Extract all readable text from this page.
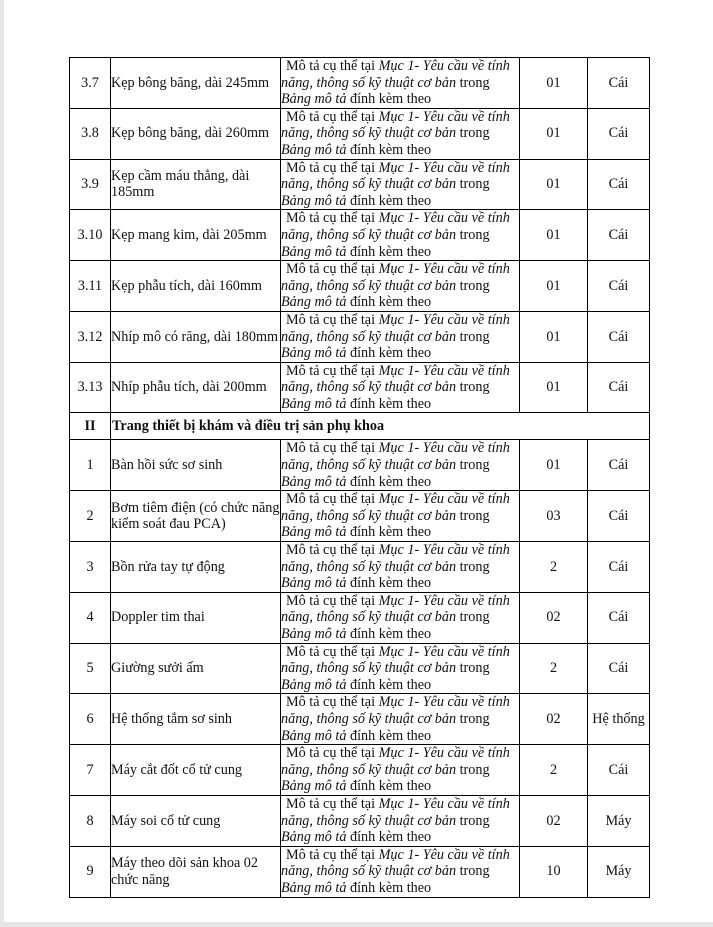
3.7	Kẹp bông băng, dài 245mm	Mô tả cụ thể tại Mục 1- Yêu cầu về tính
năng, thông số kỹ thuật cơ bản trong
Bảng mô tả đính kèm theo	01	Cái
3.8	Kẹp bông băng, dài 260mm	Mô tả cụ thể tại Mục 1- Yêu cầu về tính
năng, thông số kỹ thuật cơ bản trong
Bảng mô tả đính kèm theo	01	Cái
3.9	Kẹp cầm máu thẳng, dài 185mm	Mô tả cụ thể tại Mục 1- Yêu cầu về tính
năng, thông số kỹ thuật cơ bản trong
Bảng mô tả đính kèm theo	01	Cái
3.10	Kẹp mang kim, dài 205mm	Mô tả cụ thể tại Mục 1- Yêu cầu về tính
năng, thông số kỹ thuật cơ bản trong
Bảng mô tả đính kèm theo	01	Cái
3.11	Kẹp phẫu tích, dài 160mm	Mô tả cụ thể tại Mục 1- Yêu cầu về tính
năng, thông số kỹ thuật cơ bản trong
Bảng mô tả đính kèm theo	01	Cái
3.12	Nhíp mô có răng, dài 180mm	Mô tả cụ thể tại Mục 1- Yêu cầu về tính
năng, thông số kỹ thuật cơ bản trong
Bảng mô tả đính kèm theo	01	Cái
3.13	Nhíp phẫu tích, dài 200mm	Mô tả cụ thể tại Mục 1- Yêu cầu về tính
năng, thông số kỹ thuật cơ bản trong
Bảng mô tả đính kèm theo	01	Cái
II	Trang thiết bị khám và điều trị sản phụ khoa			
1	Bàn hồi sức sơ sinh	Mô tả cụ thể tại Mục 1- Yêu cầu về tính
năng, thông số kỹ thuật cơ bản trong
Bảng mô tả đính kèm theo	01	Cái
2	Bơm tiêm điện (có chức năng kiểm soát đau PCA)	Mô tả cụ thể tại Mục 1- Yêu cầu về tính
năng, thông số kỹ thuật cơ bản trong
Bảng mô tả đính kèm theo	03	Cái
3	Bồn rửa tay tự động	Mô tả cụ thể tại Mục 1- Yêu cầu về tính
năng, thông số kỹ thuật cơ bản trong
Bảng mô tả đính kèm theo	2	Cái
4	Doppler tim thai	Mô tả cụ thể tại Mục 1- Yêu cầu về tính
năng, thông số kỹ thuật cơ bản trong
Bảng mô tả đính kèm theo	02	Cái
5	Giường sưởi ấm	Mô tả cụ thể tại Mục 1- Yêu cầu về tính
năng, thông số kỹ thuật cơ bản trong
Bảng mô tả đính kèm theo	2	Cái
6	Hệ thống tắm sơ sinh	Mô tả cụ thể tại Mục 1- Yêu cầu về tính
năng, thông số kỹ thuật cơ bản trong
Bảng mô tả đính kèm theo	02	Hệ thống
7	Máy cắt đốt cổ tử cung	Mô tả cụ thể tại Mục 1- Yêu cầu về tính
năng, thông số kỹ thuật cơ bản trong
Bảng mô tả đính kèm theo	2	Cái
8	Máy soi cổ tử cung	Mô tả cụ thể tại Mục 1- Yêu cầu về tính
năng, thông số kỹ thuật cơ bản trong
Bảng mô tả đính kèm theo	02	Máy
9	Máy theo dõi sản khoa 02 chức năng	Mô tả cụ thể tại Mục 1- Yêu cầu về tính
năng, thông số kỹ thuật cơ bản trong
Bảng mô tả đính kèm theo	10	Máy
